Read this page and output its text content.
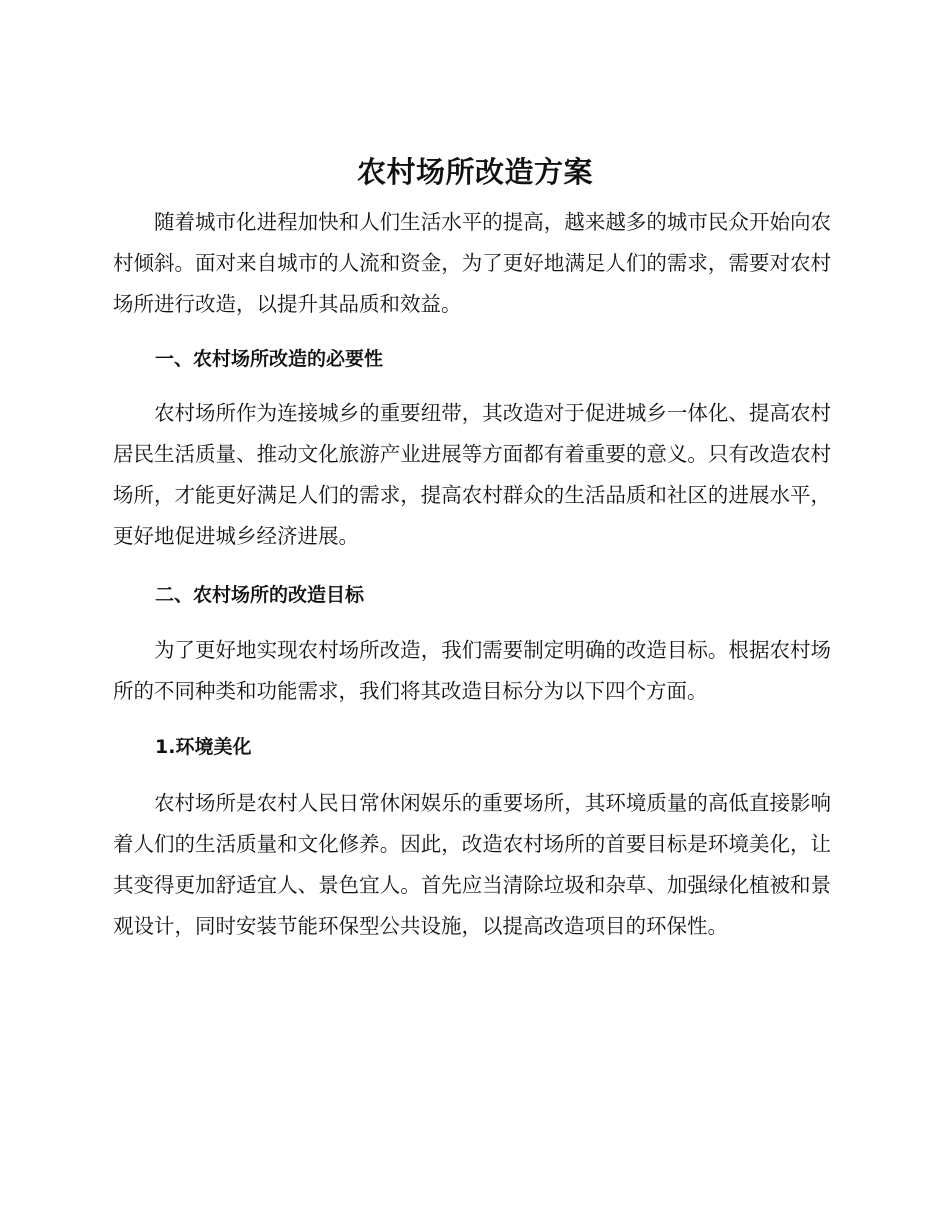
农村场所改造方案

随着城市化进程加快和人们生活水平的提高，越来越多的城市民众开始向农村倾斜。面对来自城市的人流和资金，为了更好地满足人们的需求，需要对农村场所进行改造，以提升其品质和效益。

一、农村场所改造的必要性

农村场所作为连接城乡的重要纽带，其改造对于促进城乡一体化、提高农村居民生活质量、推动文化旅游产业进展等方面都有着重要的意义。只有改造农村场所，才能更好满足人们的需求，提高农村群众的生活品质和社区的进展水平，更好地促进城乡经济进展。

二、农村场所的改造目标

为了更好地实现农村场所改造，我们需要制定明确的改造目标。根据农村场所的不同种类和功能需求，我们将其改造目标分为以下四个方面。

1.环境美化

农村场所是农村人民日常休闲娱乐的重要场所，其环境质量的高低直接影响着人们的生活质量和文化修养。因此，改造农村场所的首要目标是环境美化，让其变得更加舒适宜人、景色宜人。首先应当清除垃圾和杂草、加强绿化植被和景观设计，同时安装节能环保型公共设施，以提高改造项目的环保性。
